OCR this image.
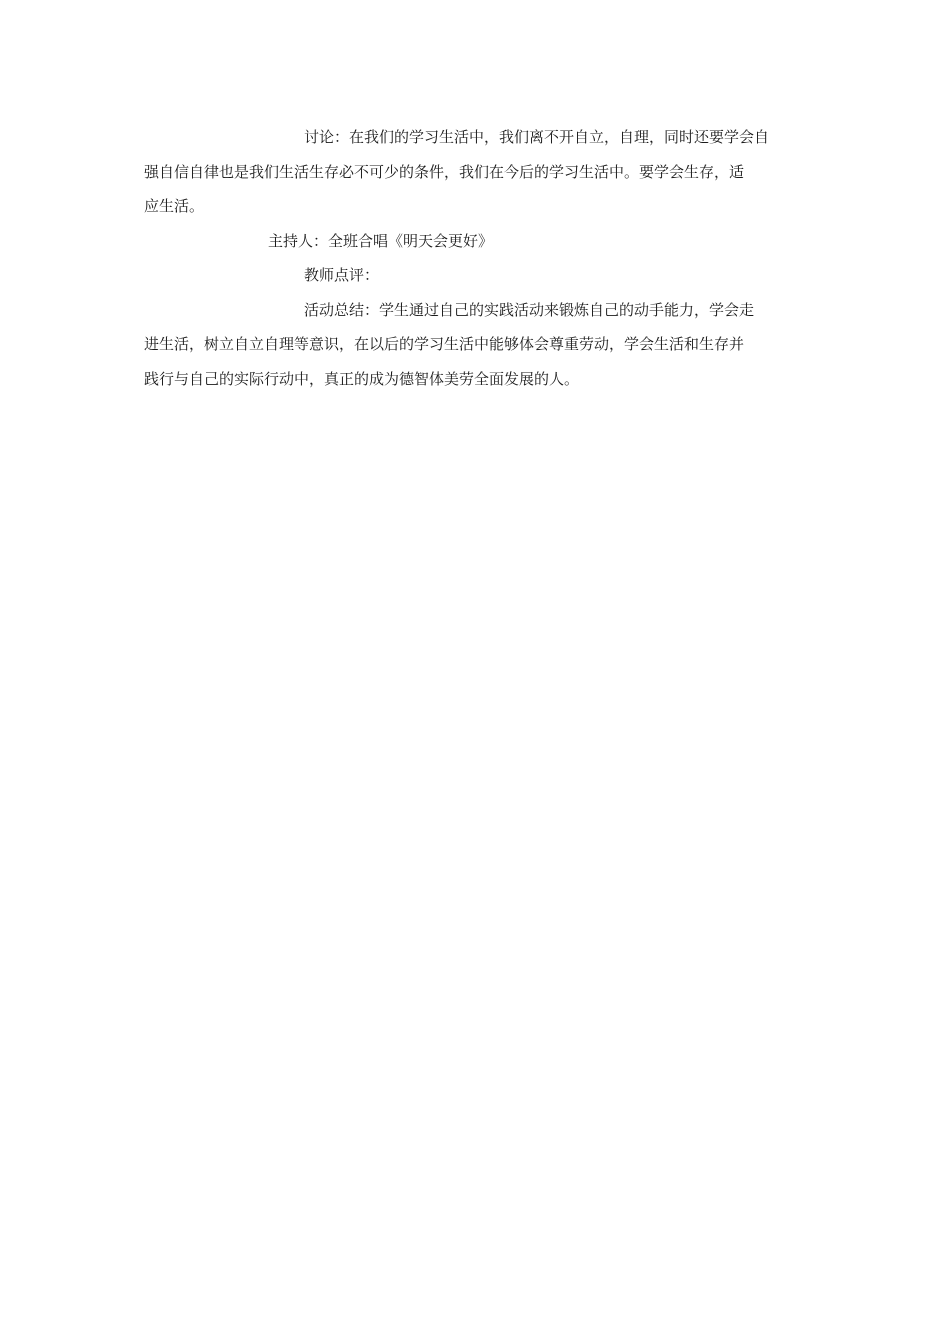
讨论：在我们的学习生活中，我们离不开自立，自理，同时还要学会自
强自信自律也是我们生活生存必不可少的条件，我们在今后的学习生活中。要学会生存，适
应生活。

主持人：全班合唱《明天会更好》

教师点评：

活动总结：学生通过自己的实践活动来锻炼自己的动手能力，学会走
进生活，树立自立自理等意识，在以后的学习生活中能够体会尊重劳动，学会生活和生存并
践行与自己的实际行动中，真正的成为德智体美劳全面发展的人。
